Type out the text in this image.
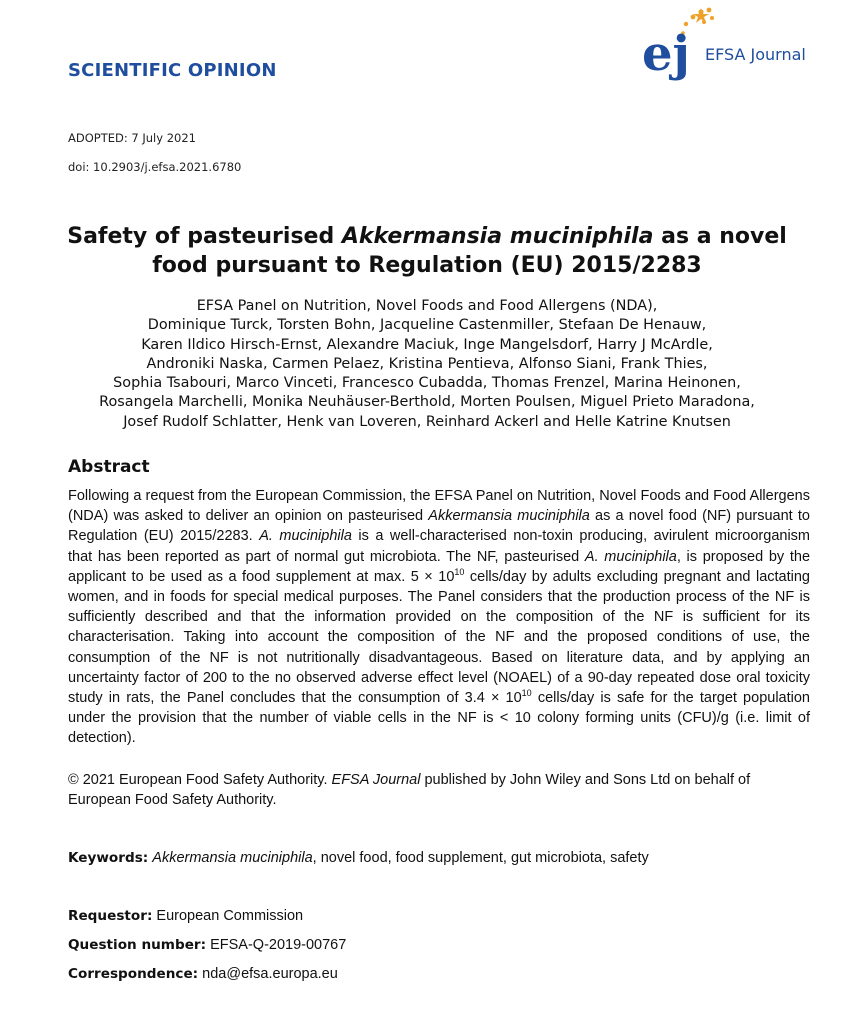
SCIENTIFIC OPINION	ej EFSA Journal
ADOPTED: 7 July 2021
doi: 10.2903/j.efsa.2021.6780
Safety of pasteurised Akkermansia muciniphila as a novel food pursuant to Regulation (EU) 2015/2283
EFSA Panel on Nutrition, Novel Foods and Food Allergens (NDA),
Dominique Turck, Torsten Bohn, Jacqueline Castenmiller, Stefaan De Henauw,
Karen Ildico Hirsch-Ernst, Alexandre Maciuk, Inge Mangelsdorf, Harry J McArdle,
Androniki Naska, Carmen Pelaez, Kristina Pentieva, Alfonso Siani, Frank Thies,
Sophia Tsabouri, Marco Vinceti, Francesco Cubadda, Thomas Frenzel, Marina Heinonen,
Rosangela Marchelli, Monika Neuhäuser-Berthold, Morten Poulsen, Miguel Prieto Maradona,
Josef Rudolf Schlatter, Henk van Loveren, Reinhard Ackerl and Helle Katrine Knutsen
Abstract

Following a request from the European Commission, the EFSA Panel on Nutrition, Novel Foods and Food Allergens (NDA) was asked to deliver an opinion on pasteurised Akkermansia muciniphila as a novel food (NF) pursuant to Regulation (EU) 2015/2283. A. muciniphila is a well-characterised non-toxin producing, avirulent microorganism that has been reported as part of normal gut microbiota. The NF, pasteurised A. muciniphila, is proposed by the applicant to be used as a food supplement at max. $5 \times 10^{10}$ cells/day by adults excluding pregnant and lactating women, and in foods for special medical purposes. The Panel considers that the production process of the NF is sufficiently described and that the information provided on the composition of the NF is sufficient for its characterisation. Taking into account the composition of the NF and the proposed conditions of use, the consumption of the NF is not nutritionally disadvantageous. Based on literature data, and by applying an uncertainty factor of 200 to the no observed adverse effect level (NOAEL) of a 90-day repeated dose oral toxicity study in rats, the Panel concludes that the consumption of $3.4 \times 10^{10}$ cells/day is safe for the target population under the provision that the number of viable cells in the NF is < 10 colony forming units (CFU)/g (i.e. limit of detection).

© 2021 European Food Safety Authority. EFSA Journal published by John Wiley and Sons Ltd on behalf of European Food Safety Authority.
Keywords: Akkermansia muciniphila, novel food, food supplement, gut microbiota, safety
Requestor: European Commission
Question number: EFSA-Q-2019-00767
Correspondence: nda@efsa.europa.eu
